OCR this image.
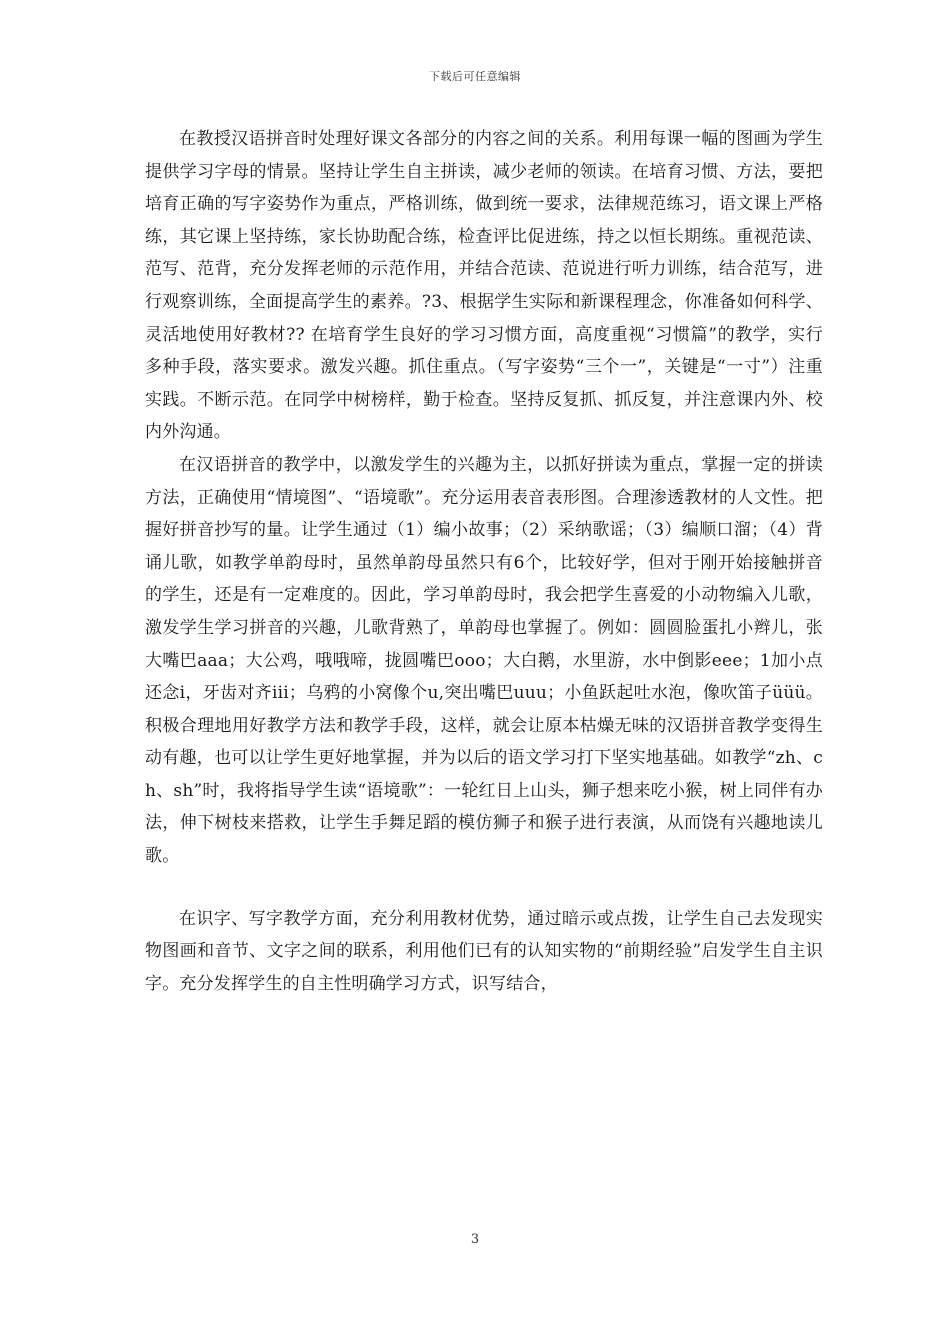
下载后可任意编辑

在教授汉语拼音时处理好课文各部分的内容之间的关系。利用每课一幅的图画为学生提供学习字母的情景。坚持让学生自主拼读，减少老师的领读。在培育习惯、方法，要把培育正确的写字姿势作为重点，严格训练，做到统一要求，法律规范练习，语文课上严格练，其它课上坚持练，家长协助配合练，检查评比促进练，持之以恒长期练。重视范读、范写、范背，充分发挥老师的示范作用，并结合范读、范说进行听力训练，结合范写，进行观察训练，全面提高学生的素养。?3、根据学生实际和新课程理念，你准备如何科学、灵活地使用好教材?? 在培育学生良好的学习习惯方面，高度重视“习惯篇”的教学，实行多种手段，落实要求。激发兴趣。抓住重点。（写字姿势“三个一”，关键是“一寸”）注重实践。不断示范。在同学中树榜样，勤于检查。坚持反复抓、抓反复，并注意课内外、校内外沟通。

在汉语拼音的教学中，以激发学生的兴趣为主，以抓好拼读为重点，掌握一定的拼读方法，正确使用“情境图”、“语境歌”。充分运用表音表形图。合理渗透教材的人文性。把握好拼音抄写的量。让学生通过（1）编小故事；（2）采纳歌谣；（3）编顺口溜；（4）背诵儿歌，如教学单韵母时，虽然单韵母虽然只有6个，比较好学，但对于刚开始接触拼音的学生，还是有一定难度的。因此，学习单韵母时，我会把学生喜爱的小动物编入儿歌，激发学生学习拼音的兴趣，儿歌背熟了，单韵母也掌握了。例如：圆圆脸蛋扎小辫儿，张大嘴巴aaa；大公鸡，哦哦啼，拢圆嘴巴ooo；大白鹅，水里游，水中倒影eee；1加小点还念i，牙齿对齐iii；乌鸦的小窝像个u,突出嘴巴uuu；小鱼跃起吐水泡，像吹笛子üüü。积极合理地用好教学方法和教学手段，这样，就会让原本枯燥无味的汉语拼音教学变得生动有趣，也可以让学生更好地掌握，并为以后的语文学习打下坚实地基础。如教学“zh、ch、sh”时，我将指导学生读“语境歌”：一轮红日上山头，狮子想来吃小猴，树上同伴有办法，伸下树枝来搭救，让学生手舞足蹈的模仿狮子和猴子进行表演，从而饶有兴趣地读儿歌。

在识字、写字教学方面，充分利用教材优势，通过暗示或点拨，让学生自己去发现实物图画和音节、文字之间的联系，利用他们已有的认知实物的“前期经验”启发学生自主识字。充分发挥学生的自主性明确学习方式，识写结合，

3
